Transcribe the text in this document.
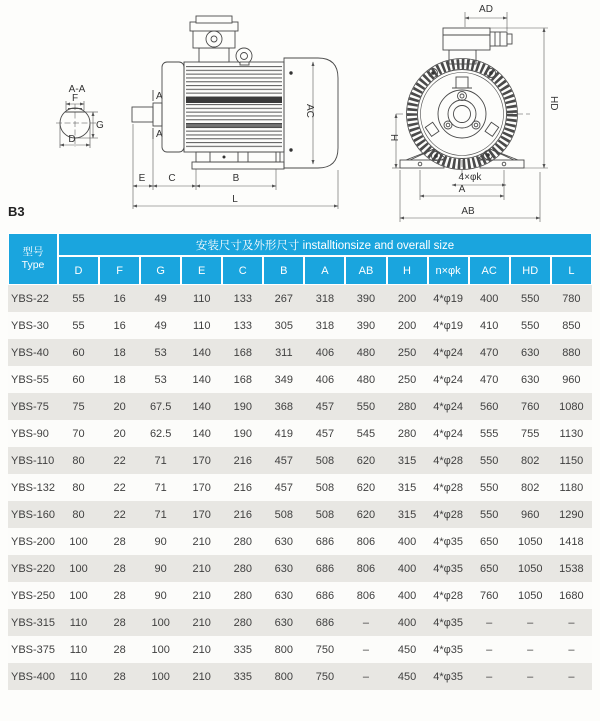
A-A
F
G
D
A
A
E C	B
L
AC
AD
HD
H
4×φk
A
AB
B3
型号
Type	安装尺寸及外形尺寸 installtionsize and overall size												
	D	F	G	E	C	B	A	AB	H	n×φk	AC	HD	L
YBS-22	55	16	49	110	133	267	318	390	200	4*φ19	400	550	780
YBS-30	55	16	49	110	133	305	318	390	200	4*φ19	410	550	850
YBS-40	60	18	53	140	168	311	406	480	250	4*φ24	470	630	880
YBS-55	60	18	53	140	168	349	406	480	250	4*φ24	470	630	960
YBS-75	75	20	67.5	140	190	368	457	550	280	4*φ24	560	760	1080
YBS-90	70	20	62.5	140	190	419	457	545	280	4*φ24	555	755	1130
YBS-110	80	22	71	170	216	457	508	620	315	4*φ28	550	802	1150
YBS-132	80	22	71	170	216	457	508	620	315	4*φ28	550	802	1180
YBS-160	80	22	71	170	216	508	508	620	315	4*φ28	550	960	1290
YBS-200	100	28	90	210	280	630	686	806	400	4*φ35	650	1050	1418
YBS-220	100	28	90	210	280	630	686	806	400	4*φ35	650	1050	1538
YBS-250	100	28	90	210	280	630	686	806	400	4*φ28	760	1050	1680
YBS-315	110	28	100	210	280	630	686	–	400	4*φ35	–	–	–
YBS-375	110	28	100	210	335	800	750	–	450	4*φ35	–	–	–
YBS-400	110	28	100	210	335	800	750	–	450	4*φ35	–	–	–
